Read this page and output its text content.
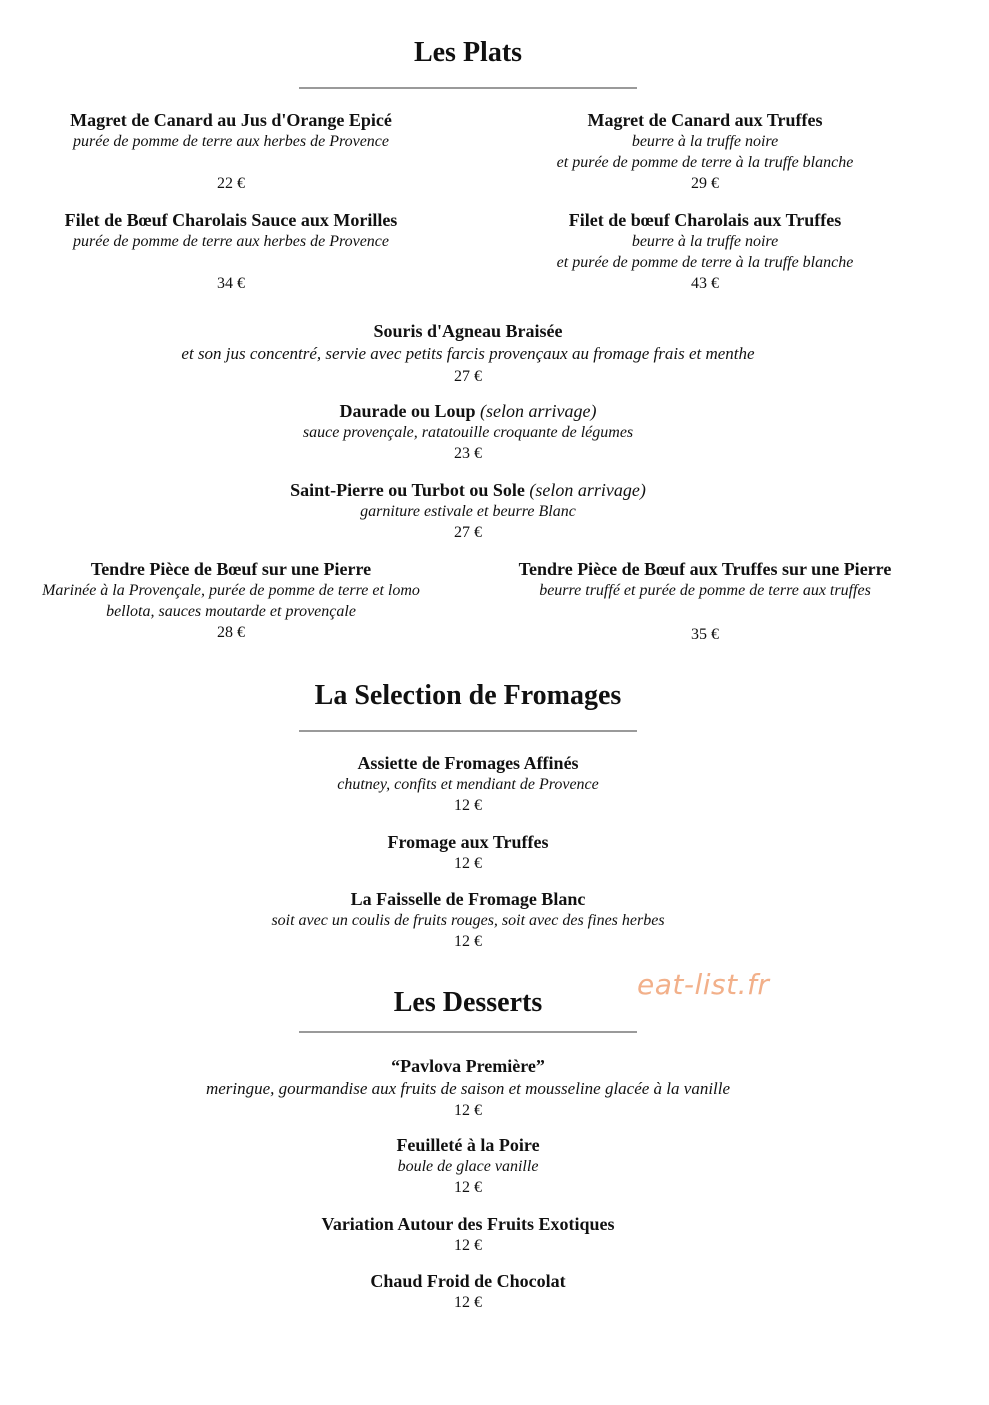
Les Plats
Magret de Canard au Jus d'Orange Epicé
purée de pomme de terre aux herbes de Provence
22 €
Magret de Canard aux Truffes
beurre à la truffe noire
et purée de pomme de terre à la truffe blanche
29 €
Filet de Bœuf Charolais Sauce aux Morilles
purée de pomme de terre aux herbes de Provence
34 €
Filet de bœuf Charolais aux Truffes
beurre à la truffe noire
et purée de pomme de terre à la truffe blanche
43 €
Souris d'Agneau Braisée
et son jus concentré, servie avec petits farcis provençaux au fromage frais et menthe
27 €
Daurade ou Loup (selon arrivage)
sauce provençale, ratatouille croquante de légumes
23 €
Saint-Pierre ou Turbot ou Sole (selon arrivage)
garniture estivale et beurre Blanc
27 €
Tendre Pièce de Bœuf sur une Pierre
Marinée à la Provençale, purée de pomme de terre et lomo
bellota, sauces moutarde et provençale
28 €
Tendre Pièce de Bœuf aux Truffes sur une Pierre
beurre truffé et purée de pomme de terre aux truffes
35 €
La Selection de Fromages
Assiette de Fromages Affinés
chutney, confits et mendiant de Provence
12 €
Fromage aux Truffes
12 €
La Faisselle de Fromage Blanc
soit avec un coulis de fruits rouges, soit avec des fines herbes
12 €
Les Desserts
eat-list.fr
“Pavlova Première”
meringue, gourmandise aux fruits de saison et mousseline glacée à la vanille
12 €
Feuilleté à la Poire
boule de glace vanille
12 €
Variation Autour des Fruits Exotiques
12 €
Chaud Froid de Chocolat
12 €
